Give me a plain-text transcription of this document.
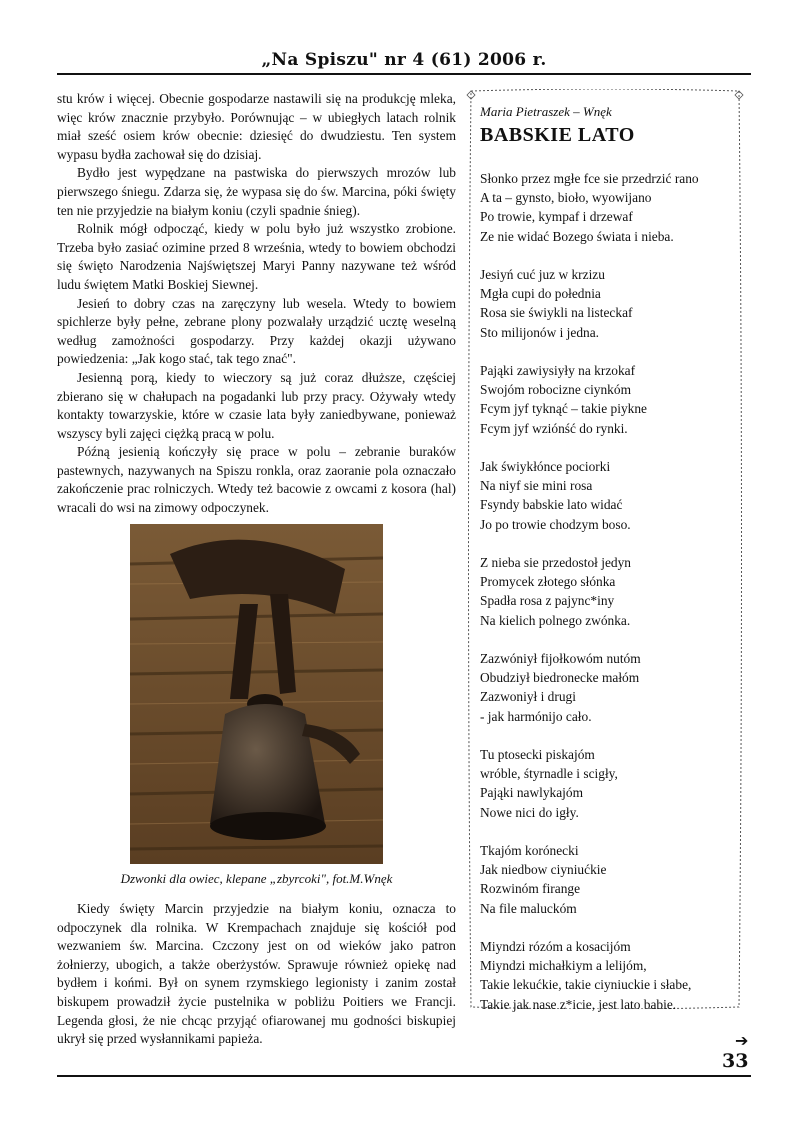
„Na Spiszu" nr 4 (61) 2006 r.

stu krów i więcej. Obecnie gospodarze nastawili się na produkcję mleka, więc krów znacznie przybyło. Porównując – w ubiegłych latach rolnik miał sześć osiem krów obecnie: dziesięć do dwudziestu. Ten system wypasu bydła zachował się do dzisiaj.

Bydło jest wypędzane na pastwiska do pierwszych mrozów lub pierwszego śniegu. Zdarza się, że wypasa się do św. Marcina, póki święty ten nie przyjedzie na białym koniu (czyli spadnie śnieg).

Rolnik mógł odpocząć, kiedy w polu było już wszystko zrobione. Trzeba było zasiać ozimine przed 8 września, wtedy to bowiem obchodzi się święto Narodzenia Najświętszej Maryi Panny nazywane też wśród ludu świętem Matki Boskiej Siewnej.

Jesień to dobry czas na zaręczyny lub wesela. Wtedy to bowiem spichlerze były pełne, zebrane plony pozwalały urządzić ucztę weselną według zamożności gospodarzy. Przy każdej okazji używano powiedzenia: „Jak kogo stać, tak tego znać".

Jesienną porą, kiedy to wieczory są już coraz dłuższe, częściej zbierano się w chałupach na pogadanki lub przy pracy. Ożywały wtedy kontakty towarzyskie, które w czasie lata były zaniedbywane, ponieważ wszyscy byli zajęci ciężką pracą w polu.

Późną jesienią kończyły się prace w polu – zebranie buraków pastewnych, nazywanych na Spiszu ronkla, oraz zaoranie pola oznaczało zakończenie prac rolniczych. Wtedy też bacowie z owcami z kosora (hal) wracali do wsi na zimowy odpoczynek.

Dzwonki dla owiec, klepane „zbyrcoki", fot.M.Wnęk

Kiedy święty Marcin przyjedzie na białym koniu, oznacza to odpoczynek dla rolnika. W Krempachach znajduje się kościół pod wezwaniem św. Marcina. Czczony jest on od wieków jako patron żołnierzy, ubogich, a także oberżystów. Sprawuje również opiekę nad bydłem i końmi. Był on synem rzymskiego legionisty i zanim został biskupem prowadził życie pustelnika w pobliżu Poitiers we Francji. Legenda głosi, że nie chcąc przyjąć ofiarowanej mu godności biskupiej ukrył się przed wysłannikami papieża.

Maria Pietraszek – Wnęk
BABSKIE LATO
Słonko przez mgłe fce sie przedrzić rano
A ta – gynsto, bioło, wyowijano
Po trowie, kympaf i drzewaf
Ze nie widać Bozego świata i nieba.
Jesiyń cuć juz w krzizu
Mgła cupi do połednia
Rosa sie świykli na listeckaf
Sto milijonów i jedna.
Pająki zawiysiyły na krzokaf
Swojóm robocizne ciynkóm
Fcym jyf tyknąć – takie piykne
Fcym jyf wziónść do rynki.
Jak świykłónce pociorki
Na niyf sie mini rosa
Fsyndy babskie lato widać
Jo po trowie chodzym boso.
Z nieba sie przedostoł jedyn
Promycek złotego słónka
Spadła rosa z pajync*iny
Na kielich polnego zwónka.
Zazwóniył fijołkowóm nutóm
Obudziył biedronecke małóm
Zazwoniył i drugi
- jak harmónijo cało.
Tu ptosecki piskajóm
wróble, śtyrnadle i scigły,
Pająki nawlykajóm
Nowe nici do igły.
Tkajóm korónecki
Jak niedbow ciyniućkie
Rozwinóm firange
Na file maluckóm
Miyndzi rózóm a kosacijóm
Miyndzi michałkiym a lelijóm,
Takie lekućkie, takie ciyniuckie i słabe,
Takie jak nase z*icie, jest lato babie.
➔
33
